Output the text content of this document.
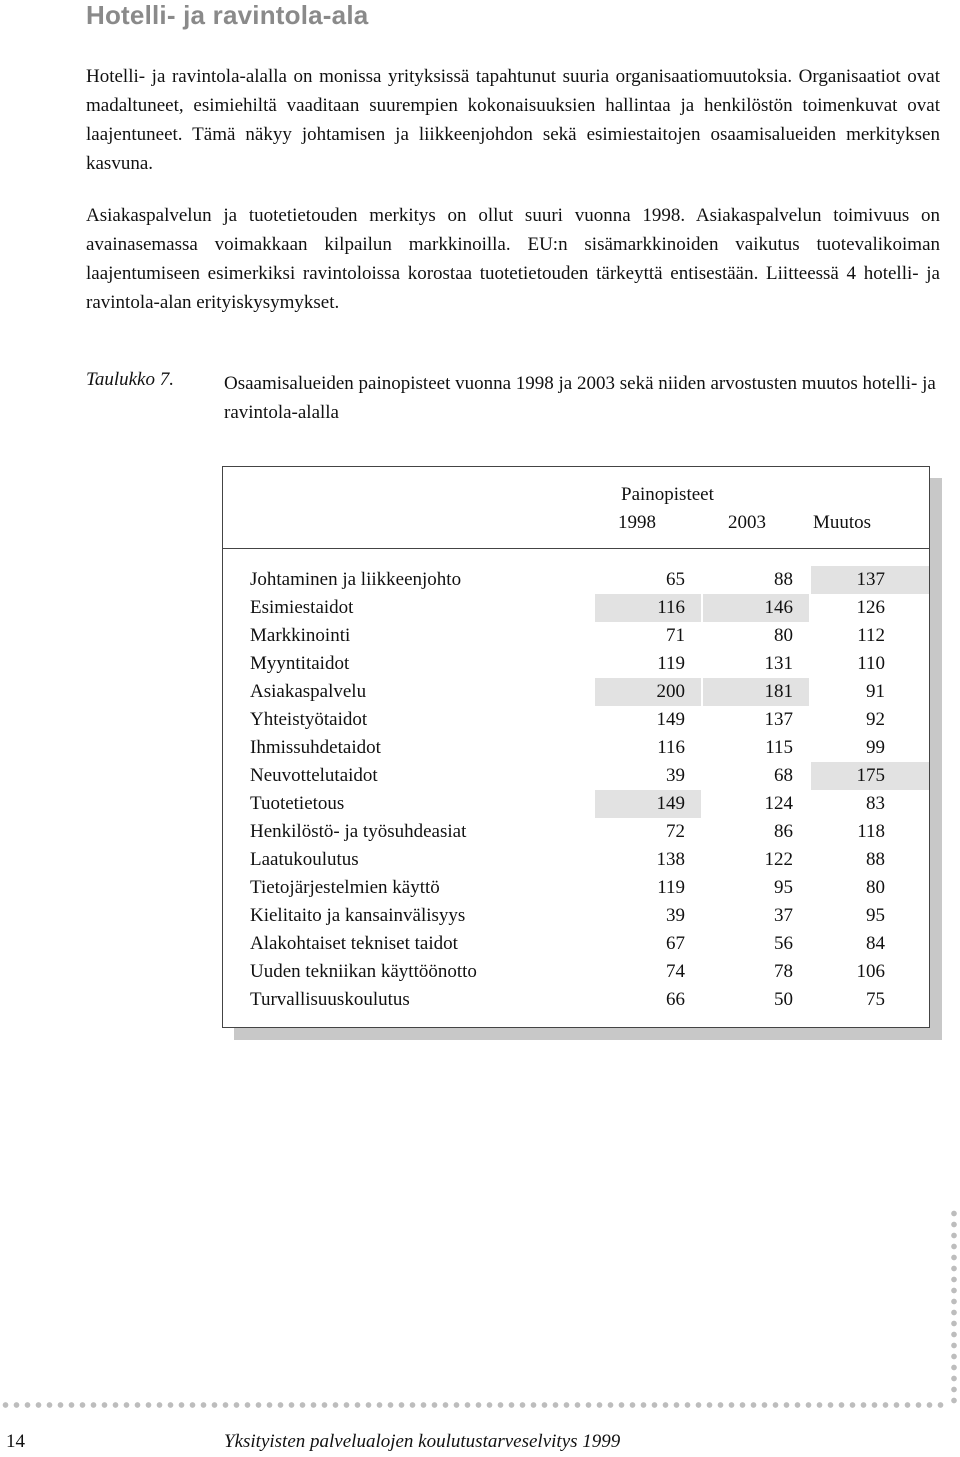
Hotelli- ja ravintola-ala

Hotelli- ja ravintola-alalla on monissa yrityksissä tapahtunut suuria organisaatiomuutoksia. Organisaatiot ovat madaltuneet, esimiehiltä vaaditaan suurempien kokonaisuuksien hallintaa ja henkilöstön toimenkuvat ovat laajentuneet. Tämä näkyy johtamisen ja liikkeenjohdon sekä esimiestaitojen osaamisalueiden merkityksen kasvuna.

Asiakaspalvelun ja tuotetietouden merkitys on ollut suuri vuonna 1998. Asiakaspalvelun toimivuus on avainasemassa voimakkaan kilpailun markkinoilla. EU:n sisämarkkinoiden vaikutus tuotevalikoiman laajentumiseen esimerkiksi ravintoloissa korostaa tuotetietouden tärkeyttä entisestään. Liitteessä 4 hotelli- ja ravintola-alan erityiskysymykset.

Taulukko 7.	Osaamisalueiden painopisteet vuonna 1998 ja 2003 sekä niiden arvostusten muutos hotelli- ja ravintola-alalla
Painopisteet
1998	2003 Muutos
Johtaminen ja liikkeenjohto	65	88	137
Esimiestaidot	116	146	126
Markkinointi	71	80	112
Myyntitaidot	119	131	110
Asiakaspalvelu	200	181	91
Yhteistyötaidot	149	137	92
Ihmissuhdetaidot	116	115	99
Neuvottelutaidot	39	68	175
Tuotetietous	149	124	83
Henkilöstö- ja työsuhdeasiat	72	86	118
Laatukoulutus	138	122	88
Tietojärjestelmien käyttö	119	95	80
Kielitaito ja kansainvälisyys	39	37	95
Alakohtaiset tekniset taidot	67	56	84
Uuden tekniikan käyttöönotto	74	78	106
Turvallisuuskoulutus	66	50	75
14	Yksityisten palvelualojen koulutustarveselvitys 1999
